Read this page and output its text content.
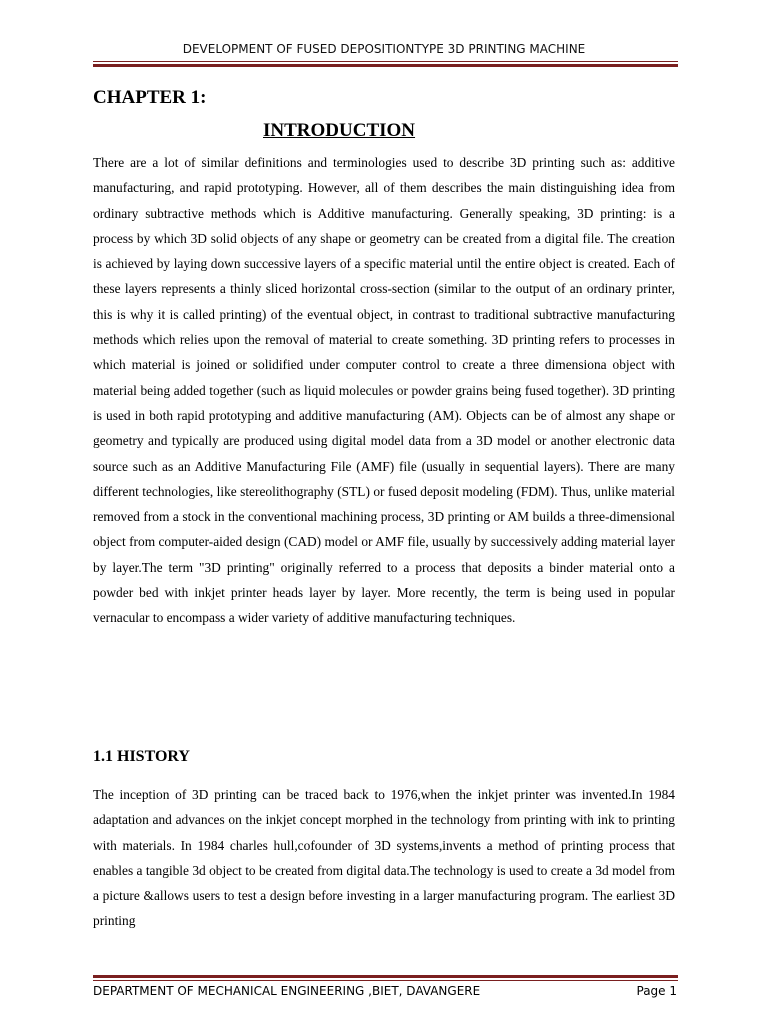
DEVELOPMENT OF FUSED DEPOSITIONTYPE 3D PRINTING MACHINE
CHAPTER 1:
INTRODUCTION
There are a lot of similar definitions and terminologies used to describe 3D printing such as: additive manufacturing, and rapid prototyping. However, all of them describes the main distinguishing idea from ordinary subtractive methods which is Additive manufacturing. Generally speaking, 3D printing: is a process by which 3D solid objects of any shape or geometry can be created from a digital file. The creation is achieved by laying down successive layers of a specific material until the entire object is created. Each of these layers represents a thinly sliced horizontal cross-section (similar to the output of an ordinary printer, this is why it is called printing) of the eventual object, in contrast to traditional subtractive manufacturing methods which relies upon the removal of material to create something. 3D printing refers to processes in which material is joined or solidified under computer control to create a three dimensiona object with material being added together (such as liquid molecules or powder grains being fused together). 3D printing is used in both rapid prototyping and additive manufacturing (AM). Objects can be of almost any shape or geometry and typically are produced using digital model data from a 3D model or another electronic data source such as an Additive Manufacturing File (AMF) file (usually in sequential layers). There are many different technologies, like stereolithography (STL) or fused deposit modeling (FDM). Thus, unlike material removed from a stock in the conventional machining process, 3D printing or AM builds a three-dimensional object from computer-aided design (CAD) model or AMF file, usually by successively adding material layer by layer.The term "3D printing" originally referred to a process that deposits a binder material onto a powder bed with inkjet printer heads layer by layer. More recently, the term is being used in popular vernacular to encompass a wider variety of additive manufacturing techniques.
1.1 HISTORY
The inception of 3D printing can be traced back to 1976,when the inkjet printer was invented.In 1984 adaptation and advances on the inkjet concept morphed in the technology from printing with ink to printing with materials. In 1984 charles hull,cofounder of 3D systems,invents a method of printing process that enables a tangible 3d object to be created from digital data.The technology is used to create a 3d model from a picture &allows users to test a design before investing in a larger manufacturing program. The earliest 3D printing
DEPARTMENT OF MECHANICAL ENGINEERING ,BIET, DAVANGERE	Page 1
